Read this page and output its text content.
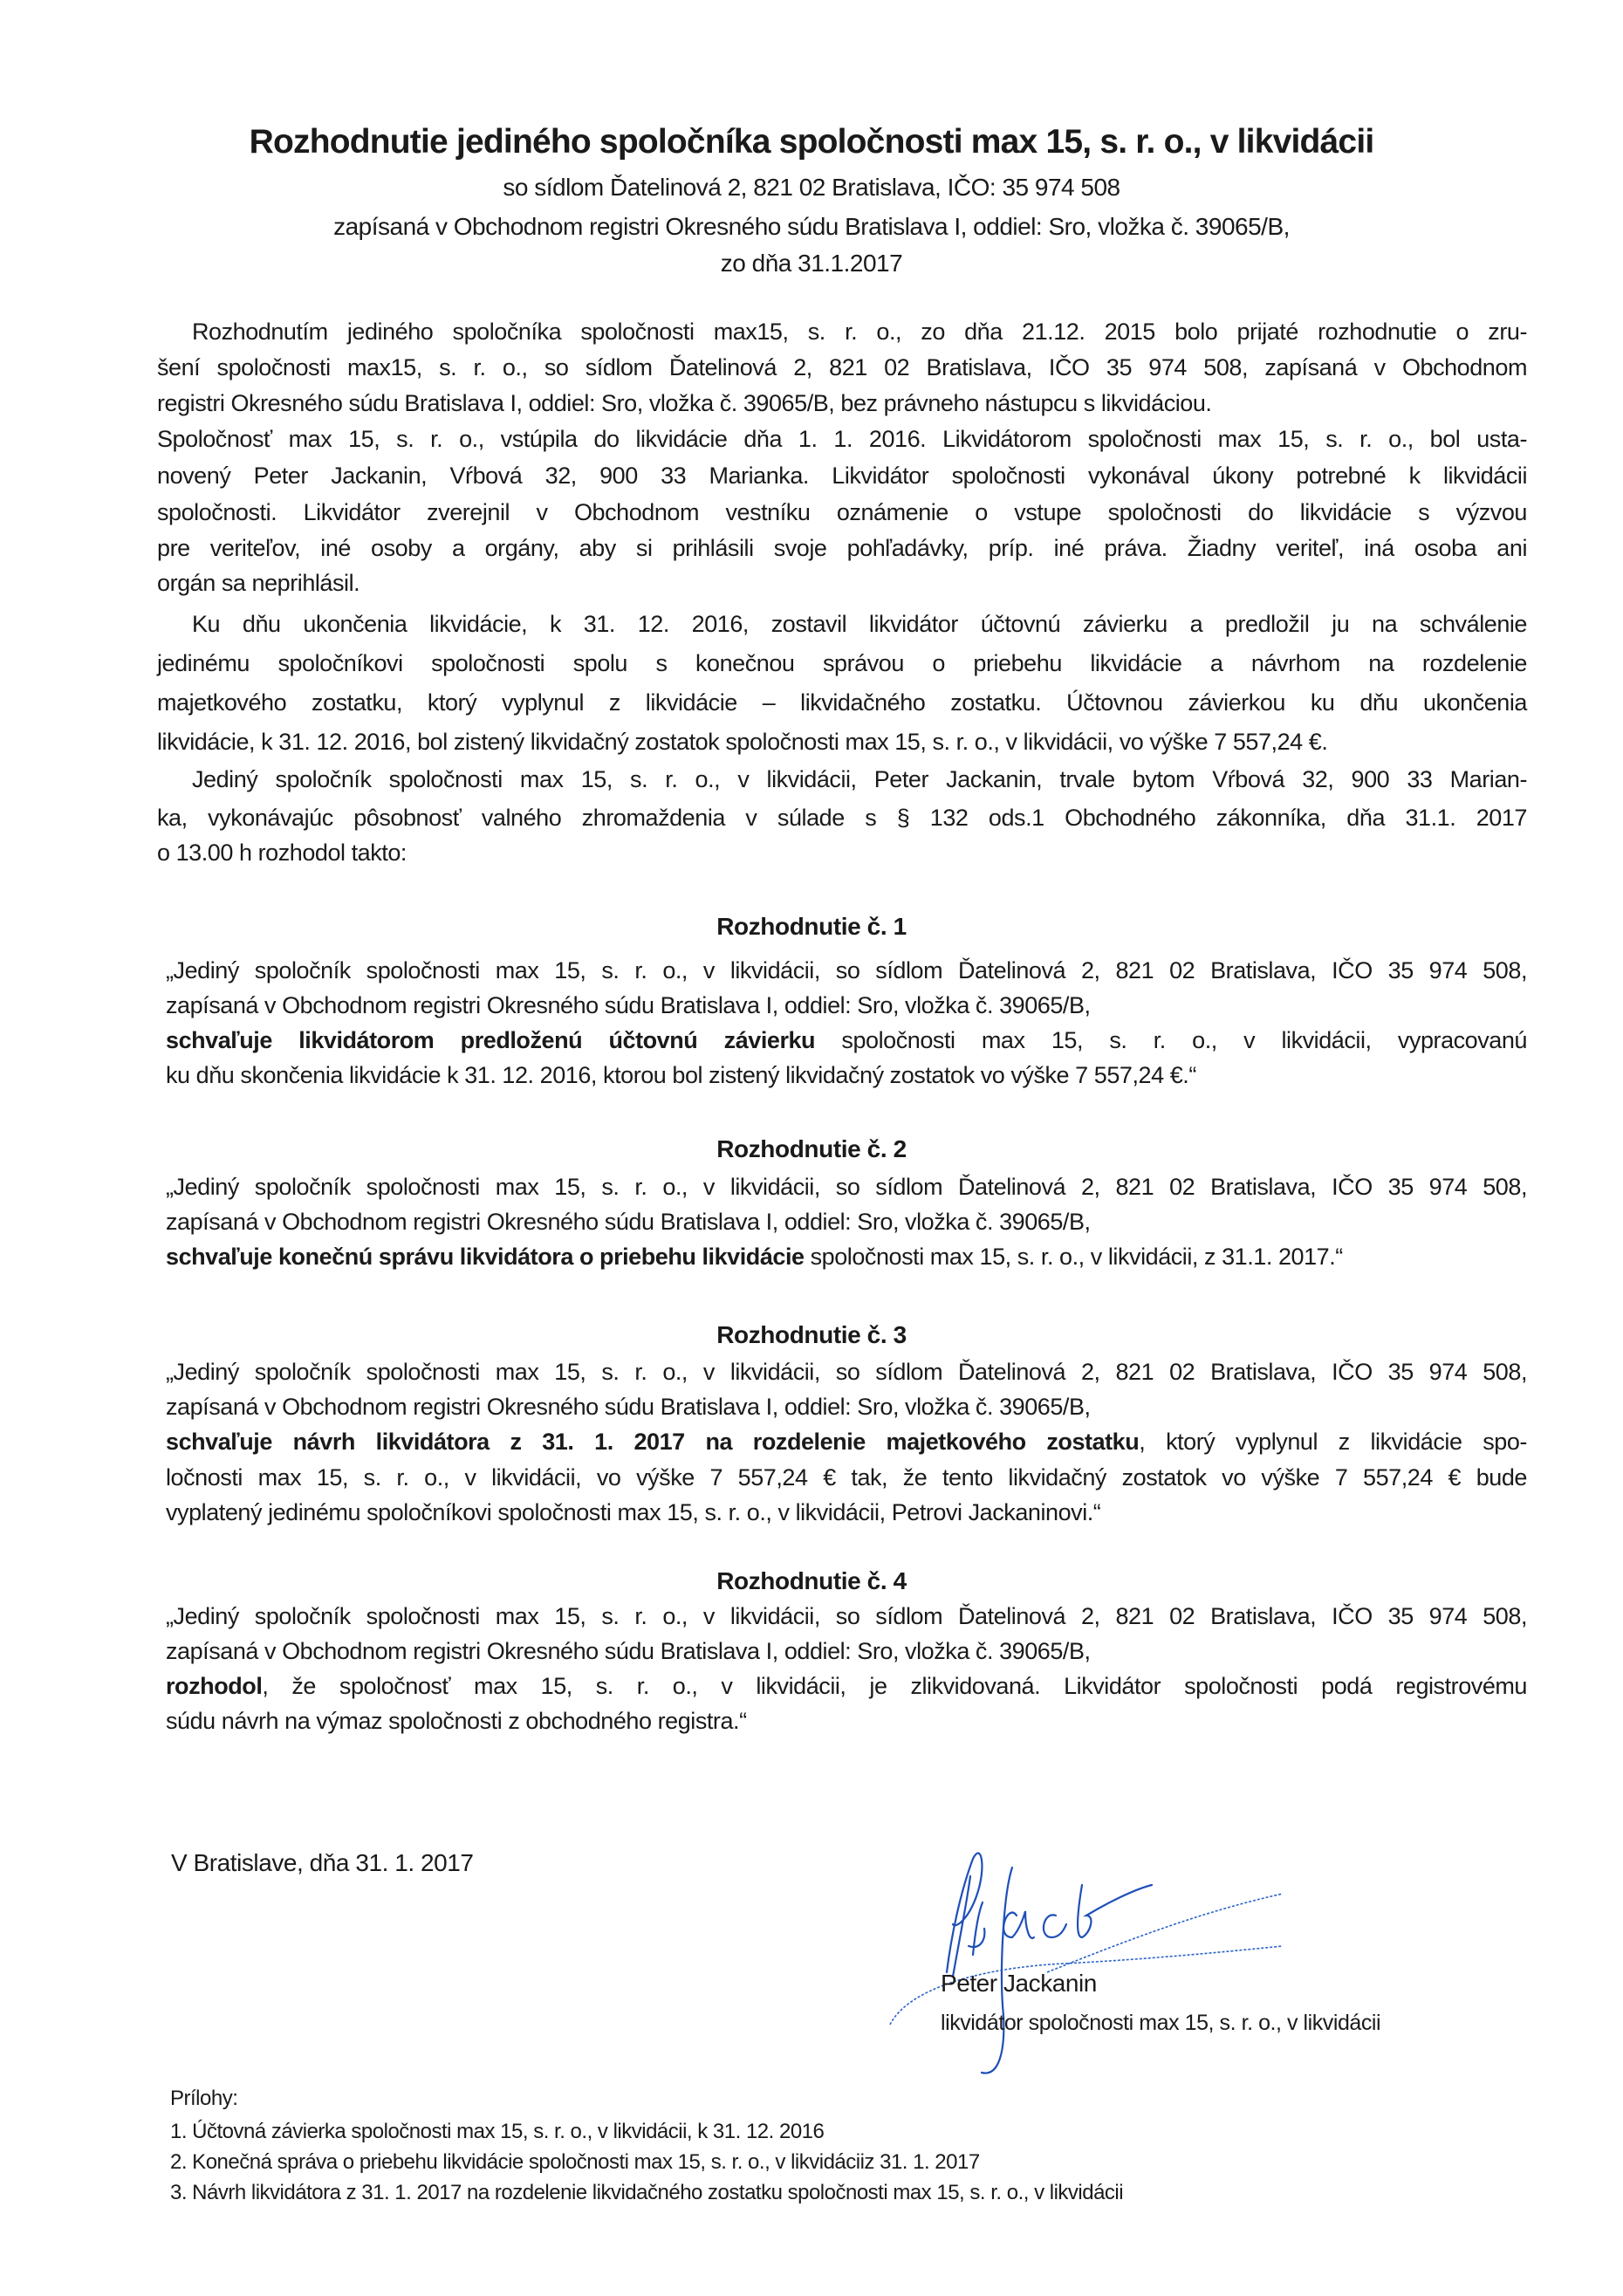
Rozhodnutie jediného spoločníka spoločnosti max 15, s. r. o., v likvidácii
so sídlom Ďatelinová 2, 821 02 Bratislava, IČO: 35 974 508
zapísaná v Obchodnom registri Okresného súdu Bratislava I, oddiel: Sro, vložka č. 39065/B,
zo dňa 31.1.2017
Rozhodnutím jediného spoločníka spoločnosti max15, s. r. o., zo dňa 21.12. 2015 bolo prijaté rozhodnutie o zru-
šení spoločnosti max15, s. r. o., so sídlom Ďatelinová 2, 821 02 Bratislava, IČO 35 974 508, zapísaná v Obchodnom
registri Okresného súdu Bratislava I, oddiel: Sro, vložka č. 39065/B, bez právneho nástupcu s likvidáciou.
Spoločnosť max 15, s. r. o., vstúpila do likvidácie dňa 1. 1. 2016. Likvidátorom spoločnosti max 15, s. r. o., bol usta-
novený Peter Jackanin, Vŕbová 32, 900 33 Marianka. Likvidátor spoločnosti vykonával úkony potrebné k likvidácii
spoločnosti. Likvidátor zverejnil v Obchodnom vestníku oznámenie o vstupe spoločnosti do likvidácie s výzvou
pre veriteľov, iné osoby a orgány, aby si prihlásili svoje pohľadávky, príp. iné práva. Žiadny veriteľ, iná osoba ani
orgán sa neprihlásil.
Ku dňu ukončenia likvidácie, k 31. 12. 2016, zostavil likvidátor účtovnú závierku a predložil ju na schválenie
jedinému spoločníkovi spoločnosti spolu s konečnou správou o priebehu likvidácie a návrhom na rozdelenie
majetkového zostatku, ktorý vyplynul z likvidácie – likvidačného zostatku. Účtovnou závierkou ku dňu ukončenia
likvidácie, k 31. 12. 2016, bol zistený likvidačný zostatok spoločnosti max 15, s. r. o., v likvidácii, vo výške 7 557,24 €.
Jediný spoločník spoločnosti max 15, s. r. o., v likvidácii, Peter Jackanin, trvale bytom Vŕbová 32, 900 33 Marian-
ka, vykonávajúc pôsobnosť valného zhromaždenia v súlade s § 132 ods.1 Obchodného zákonníka, dňa 31.1. 2017
o 13.00 h rozhodol takto:
Rozhodnutie č. 1
„Jediný spoločník spoločnosti max 15, s. r. o., v likvidácii, so sídlom Ďatelinová 2, 821 02 Bratislava, IČO 35 974 508,
zapísaná v Obchodnom registri Okresného súdu Bratislava I, oddiel: Sro, vložka č. 39065/B,
schvaľuje likvidátorom predloženú účtovnú závierku spoločnosti max 15, s. r. o., v likvidácii, vypracovanú
ku dňu skončenia likvidácie k 31. 12. 2016, ktorou bol zistený likvidačný zostatok vo výške 7 557,24 €.“
Rozhodnutie č. 2
„Jediný spoločník spoločnosti max 15, s. r. o., v likvidácii, so sídlom Ďatelinová 2, 821 02 Bratislava, IČO 35 974 508,
zapísaná v Obchodnom registri Okresného súdu Bratislava I, oddiel: Sro, vložka č. 39065/B,
schvaľuje konečnú správu likvidátora o priebehu likvidácie spoločnosti max 15, s. r. o., v likvidácii, z 31.1. 2017.“
Rozhodnutie č. 3
„Jediný spoločník spoločnosti max 15, s. r. o., v likvidácii, so sídlom Ďatelinová 2, 821 02 Bratislava, IČO 35 974 508,
zapísaná v Obchodnom registri Okresného súdu Bratislava I, oddiel: Sro, vložka č. 39065/B,
schvaľuje návrh likvidátora z 31. 1. 2017 na rozdelenie majetkového zostatku, ktorý vyplynul z likvidácie spo-
ločnosti max 15, s. r. o., v likvidácii, vo výške 7 557,24 € tak, že tento likvidačný zostatok vo výške 7 557,24 € bude
vyplatený jedinému spoločníkovi spoločnosti max 15, s. r. o., v likvidácii, Petrovi Jackaninovi.“
Rozhodnutie č. 4
„Jediný spoločník spoločnosti max 15, s. r. o., v likvidácii, so sídlom Ďatelinová 2, 821 02 Bratislava, IČO 35 974 508,
zapísaná v Obchodnom registri Okresného súdu Bratislava I, oddiel: Sro, vložka č. 39065/B,
rozhodol, že spoločnosť max 15, s. r. o., v likvidácii, je zlikvidovaná. Likvidátor spoločnosti podá registrovému
súdu návrh na výmaz spoločnosti z obchodného registra.“
V Bratislave, dňa 31. 1. 2017
Peter Jackanin
likvidátor spoločnosti max 15, s. r. o., v likvidácii
Prílohy:
1. Účtovná závierka spoločnosti max 15, s. r. o., v likvidácii, k 31. 12. 2016
2. Konečná správa o priebehu likvidácie spoločnosti max 15, s. r. o., v likvidáciiz 31. 1. 2017
3. Návrh likvidátora z 31. 1. 2017 na rozdelenie likvidačného zostatku spoločnosti max 15, s. r. o., v likvidácii
